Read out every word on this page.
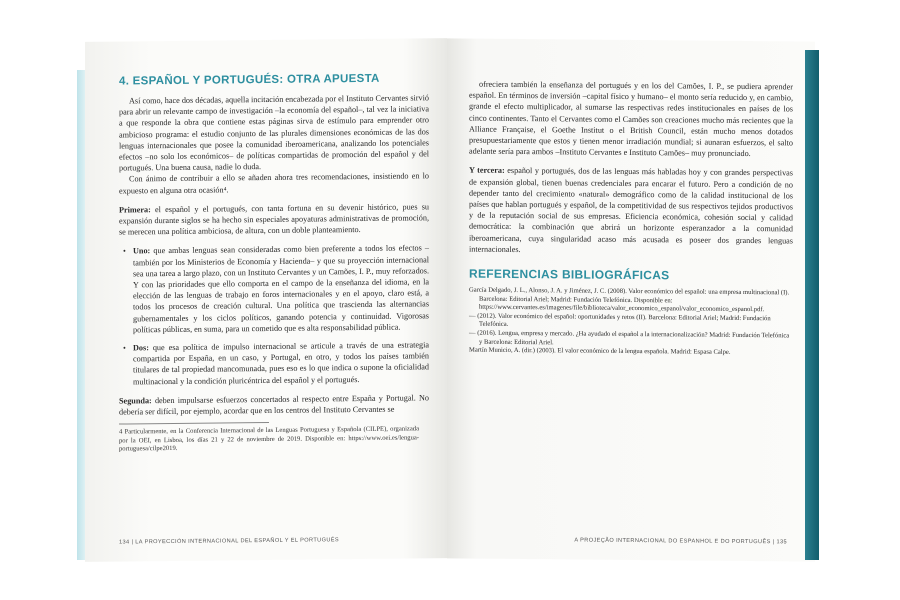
4. ESPAÑOL Y PORTUGUÉS: OTRA APUESTA

Así como, hace dos décadas, aquella incitación encabezada por el Instituto Cervantes sirvió para abrir un relevante campo de investigación –la economía del español–, tal vez la iniciativa a que responde la obra que contiene estas páginas sirva de estímulo para emprender otro ambicioso programa: el estudio conjunto de las plurales dimensiones económicas de las dos lenguas internacionales que posee la comunidad iberoamericana, analizando los potenciales efectos –no solo los económicos– de políticas compartidas de promoción del español y del portugués. Una buena causa, nadie lo duda.

Con ánimo de contribuir a ello se añaden ahora tres recomendaciones, insistiendo en lo expuesto en alguna otra ocasión⁴.

Primera: el español y el portugués, con tanta fortuna en su devenir histórico, pues su expansión durante siglos se ha hecho sin especiales apoyaturas administrativas de promoción, se merecen una política ambiciosa, de altura, con un doble planteamiento.

• Uno: que ambas lenguas sean consideradas como bien preferente a todos los efectos –también por los Ministerios de Economía y Hacienda– y que su proyección internacional sea una tarea a largo plazo, con un Instituto Cervantes y un Camões, I. P., muy reforzados. Y con las prioridades que ello comporta en el campo de la enseñanza del idioma, en la elección de las lenguas de trabajo en foros internacionales y en el apoyo, claro está, a todos los procesos de creación cultural. Una política que trascienda las alternancias gubernamentales y los ciclos políticos, ganando potencia y continuidad. Vigorosas políticas públicas, en suma, para un cometido que es alta responsabilidad pública.
• Dos: que esa política de impulso internacional se articule a través de una estrategia compartida por España, en un caso, y Portugal, en otro, y todos los países también titulares de tal propiedad mancomunada, pues eso es lo que indica o supone la oficialidad multinacional y la condición pluricéntrica del español y el portugués.

Segunda: deben impulsarse esfuerzos concertados al respecto entre España y Portugal. No debería ser difícil, por ejemplo, acordar que en los centros del Instituto Cervantes se

4 Particularmente, en la Conferencia Internacional de las Lenguas Portuguesa y Española (CILPE), organizada por la OEI, en Lisboa, los días 21 y 22 de noviembre de 2019. Disponible en: https://www.oei.es/lengua-portuguesa/cilpe2019.

134 | LA PROYECCIÓN INTERNACIONAL DEL ESPAÑOL Y EL PORTUGUÉS

ofreciera también la enseñanza del portugués y en los del Camões, I. P., se pudiera aprender español. En términos de inversión –capital físico y humano– el monto sería reducido y, en cambio, grande el efecto multiplicador, al sumarse las respectivas redes institucionales en países de los cinco continentes. Tanto el Cervantes como el Camões son creaciones mucho más recientes que la Alliance Française, el Goethe Institut o el British Council, están mucho menos dotados presupuestariamente que estos y tienen menor irradiación mundial; si aunaran esfuerzos, el salto adelante sería para ambos –Instituto Cervantes e Instituto Camões– muy pronunciado.

Y tercera: español y portugués, dos de las lenguas más habladas hoy y con grandes perspectivas de expansión global, tienen buenas credenciales para encarar el futuro. Pero a condición de no depender tanto del crecimiento «natural» demográfico como de la calidad institucional de los países que hablan portugués y español, de la competitividad de sus respectivos tejidos productivos y de la reputación social de sus empresas. Eficiencia económica, cohesión social y calidad democrática: la combinación que abrirá un horizonte esperanzador a la comunidad iberoamericana, cuya singularidad acaso más acusada es poseer dos grandes lenguas internacionales.

REFERENCIAS BIBLIOGRÁFICAS

García Delgado, J. L., Alonso, J. A. y Jiménez, J. C. (2008). Valor económico del español: una empresa multinacional (I). Barcelona: Editorial Ariel; Madrid: Fundación Telefónica. Disponible en: https://www.cervantes.es/imagenes/file/biblioteca/valor_economico_espanol/valor_economico_espanol.pdf.

— (2012). Valor económico del español: oportunidades y retos (II). Barcelona: Editorial Ariel; Madrid: Fundación Telefónica.

— (2016). Lengua, empresa y mercado. ¿Ha ayudado el español a la internacionalización? Madrid: Fundación Telefónica y Barcelona: Editorial Ariel.

Martín Municio, A. (dir.) (2003). El valor económico de la lengua española. Madrid: Espasa Calpe.

A PROJEÇÃO INTERNACIONAL DO ESPANHOL E DO PORTUGUÊS | 135
